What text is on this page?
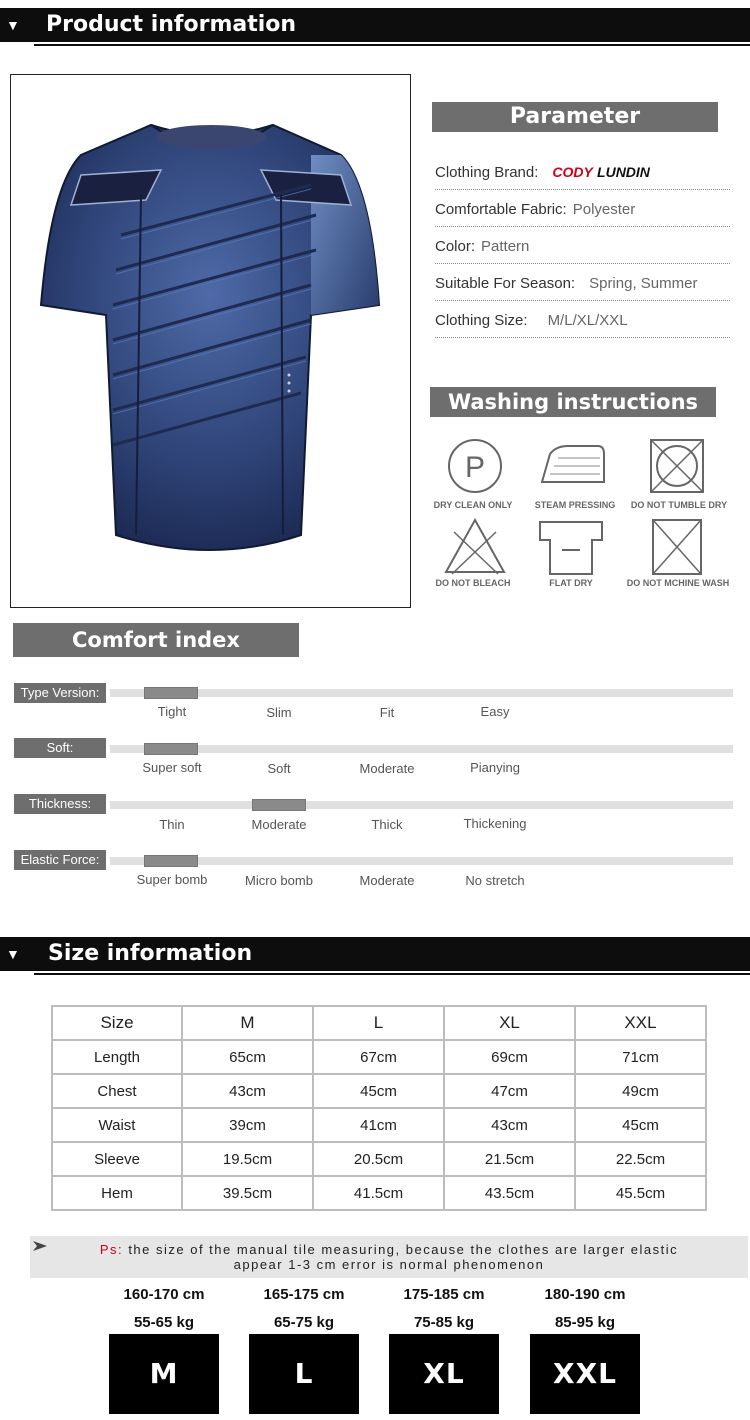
▼ Product information
Parameter
Clothing Brand: CODY LUNDIN
Comfortable Fabric: Polyester
Color: Pattern
Suitable For Season: Spring, Summer
Clothing Size: M/L/XL/XXL
Washing instructions
P
DRY CLEAN ONLY	STEAM PRESSING	DO NOT TUMBLE DRY
DO NOT BLEACH	FLAT DRY	DO NOT MCHINE WASH
Comfort index
Type Version:
Tight	Slim	Fit	Easy
Soft:
Super soft	Soft	Moderate	Pianying
Thickness:
Thin	Moderate	Thick	Thickening
Elastic Force:
Super bomb	Micro bomb	Moderate	No stretch
▼ Size information
Size	M	L	XL	XXL
Length	65cm	67cm	69cm	71cm
Chest	43cm	45cm	47cm	49cm
Waist	39cm	41cm	43cm	45cm
Sleeve	19.5cm	20.5cm	21.5cm	22.5cm
Hem	39.5cm	41.5cm	43.5cm	45.5cm
Ps: the size of the manual tile measuring, because the clothes are larger elastic
appear 1-3 cm error is normal phenomenon
160-170 cm	165-175 cm	175-185 cm	180-190 cm
55-65 kg	65-75 kg	75-85 kg	85-95 kg
M	L	XL	XXL
